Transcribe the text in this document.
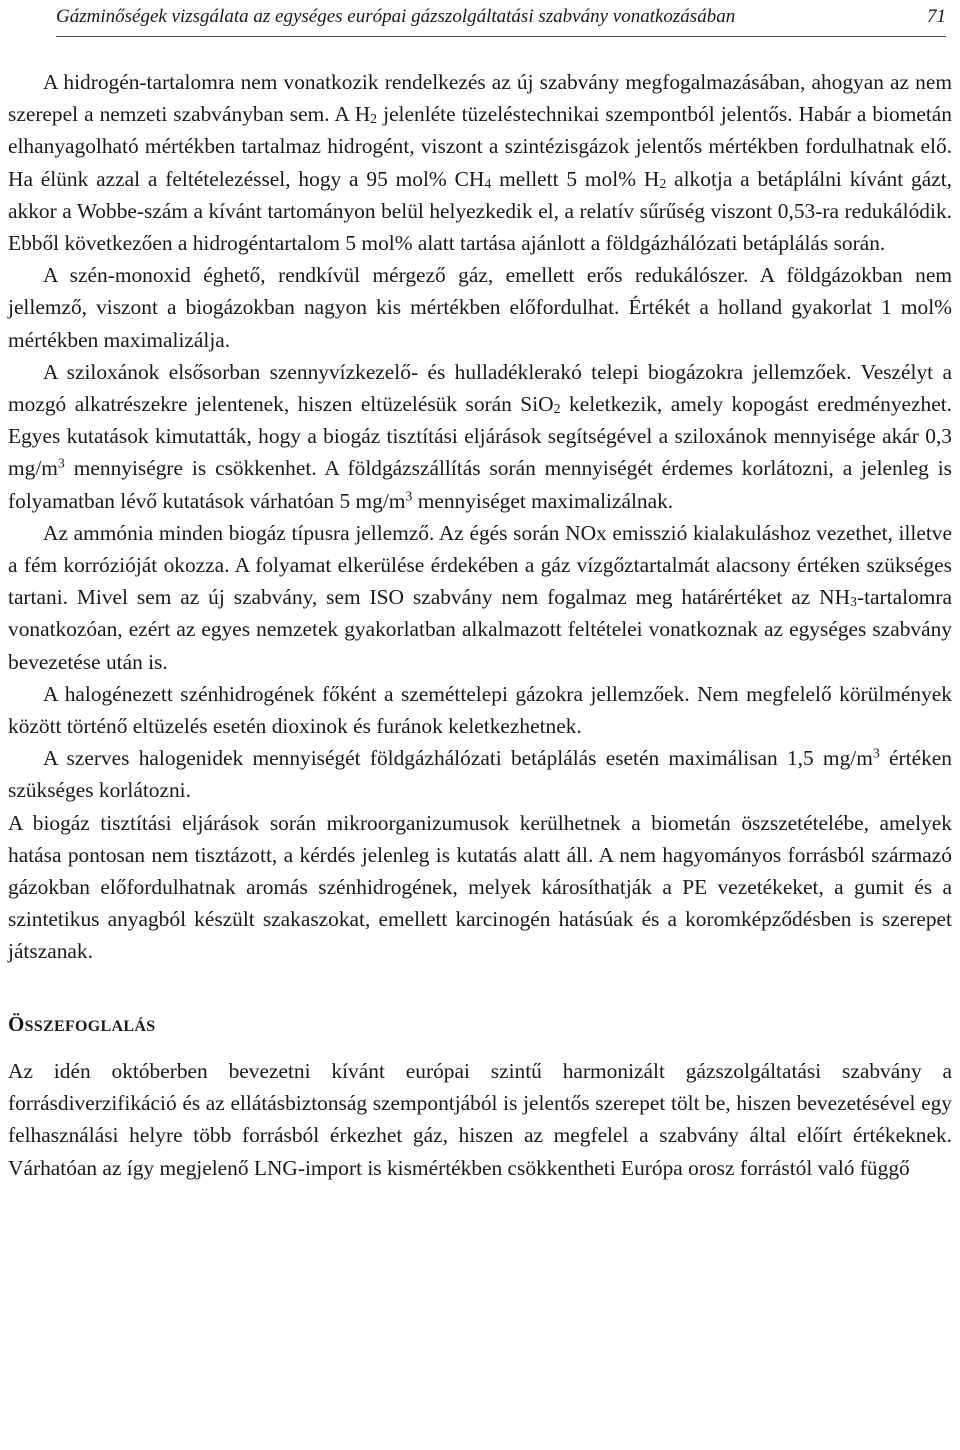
Gázminőségek vizsgálata az egységes európai gázszolgáltatási szabvány vonatkozásában	71

A hidrogén-tartalomra nem vonatkozik rendelkezés az új szabvány megfogalmazásában, ahogyan az nem szerepel a nemzeti szabványban sem. A $H_2$ jelenléte tüzeléstechnikai szempontból jelentős. Habár a biometán elhanyagolható mértékben tartalmaz hidrogént, viszont a szintézisgázok jelentős mértékben fordulhatnak elő. Ha élünk azzal a feltételezéssel, hogy a 95 mol% $CH_4$ mellett 5 mol% $H_2$ alkotja a betáplálni kívánt gázt, akkor a Wobbe-szám a kívánt tartományon belül helyezkedik el, a relatív sűrűség viszont 0,53-ra redukálódik. Ebből következően a hidrogéntartalom 5 mol% alatt tartása ajánlott a földgázhálózati betáplálás során.

A szén-monoxid éghető, rendkívül mérgező gáz, emellett erős redukálószer. A földgázokban nem jellemző, viszont a biogázokban nagyon kis mértékben előfordulhat. Értékét a holland gyakorlat 1 mol% mértékben maximalizálja.

A sziloxánok elsősorban szennyvízkezelő- és hulladéklerakó telepi biogázokra jellemzőek. Veszélyt a mozgó alkatrészekre jelentenek, hiszen eltüzelésük során SiO$_2$ keletkezik, amely kopogást eredményezhet. Egyes kutatások kimutatták, hogy a biogáz tisztítási eljárások segítségével a sziloxánok mennyisége akár 0,3 $mg/m^3$ mennyiségre is csökkenhet. A földgázszállítás során mennyiségét érdemes korlátozni, a jelenleg is folyamatban lévő kutatások várhatóan 5 $mg/m^3$ mennyiséget maximalizálnak.

Az ammónia minden biogáz típusra jellemző. Az égés során NOx emisszió kialakuláshoz vezethet, illetve a fém korrózióját okozza. A folyamat elkerülése érdekében a gáz vízgőztartalmát alacsony értéken szükséges tartani. Mivel sem az új szabvány, sem ISO szabvány nem fogalmaz meg határértéket az $NH_3$-tartalomra vonatkozóan, ezért az egyes nemzetek gyakorlatban alkalmazott feltételei vonatkoznak az egységes szabvány bevezetése után is.

A halogénezett szénhidrogének főként a szeméttelepi gázokra jellemzőek. Nem megfelelő körülmények között történő eltüzelés esetén dioxinok és furánok keletkezhetnek.

A szerves halogenidek mennyiségét földgázhálózati betáplálás esetén maximálisan 1,5 $mg/m^3$ értéken szükséges korlátozni.

A biogáz tisztítási eljárások során mikroorganizumusok kerülhetnek a biometán öszszetételébe, amelyek hatása pontosan nem tisztázott, a kérdés jelenleg is kutatás alatt áll. A nem hagyományos forrásból származó gázokban előfordulhatnak aromás szénhidrogének, melyek károsíthatják a PE vezetékeket, a gumit és a szintetikus anyagból készült szakaszokat, emellett karcinogén hatásúak és a koromképződésben is szerepet játszanak.

ÖSSZEFOGLALÁS

Az idén októberben bevezetni kívánt európai szintű harmonizált gázszolgáltatási szabvány a forrásdiverzifikáció és az ellátásbiztonság szempontjából is jelentős szerepet tölt be, hiszen bevezetésével egy felhasználási helyre több forrásból érkezhet gáz, hiszen az megfelel a szabvány által előírt értékeknek. Várhatóan az így megjelenő LNG-import is kismértékben csökkentheti Európa orosz forrástól való függő
